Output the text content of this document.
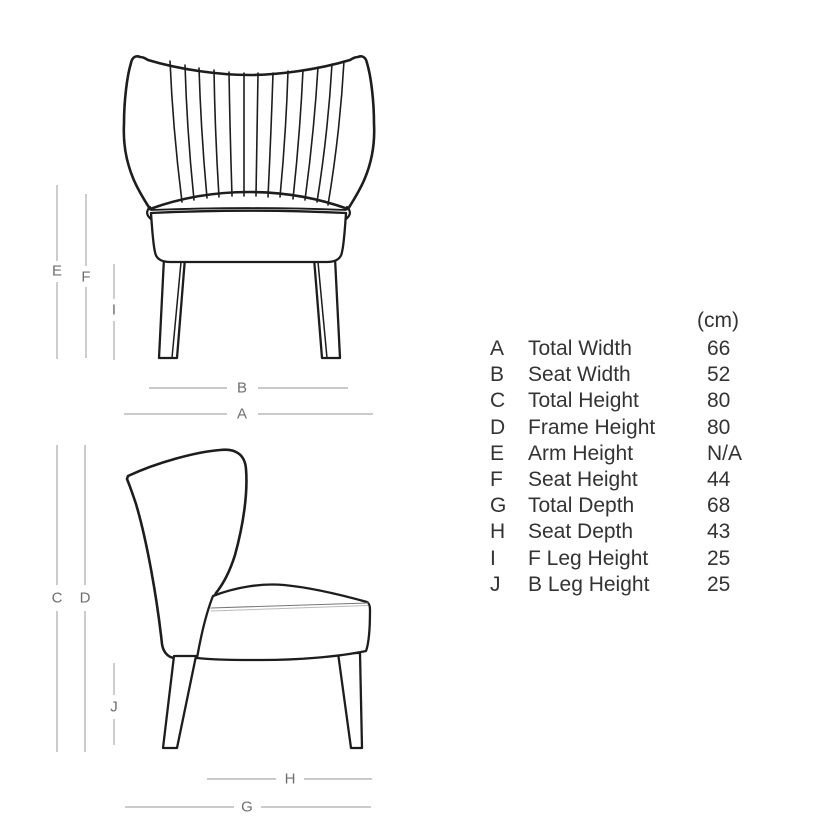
E F
I
B
A
C D
J
H
G
(cm)
A	Total Width	66
B	Seat Width	52
C	Total Height	80
D	Frame Height	80
E	Arm Height	N/A
F	Seat Height	44
G	Total Depth	68
H	Seat Depth	43
I	F Leg Height	25
J	B Leg Height	25
